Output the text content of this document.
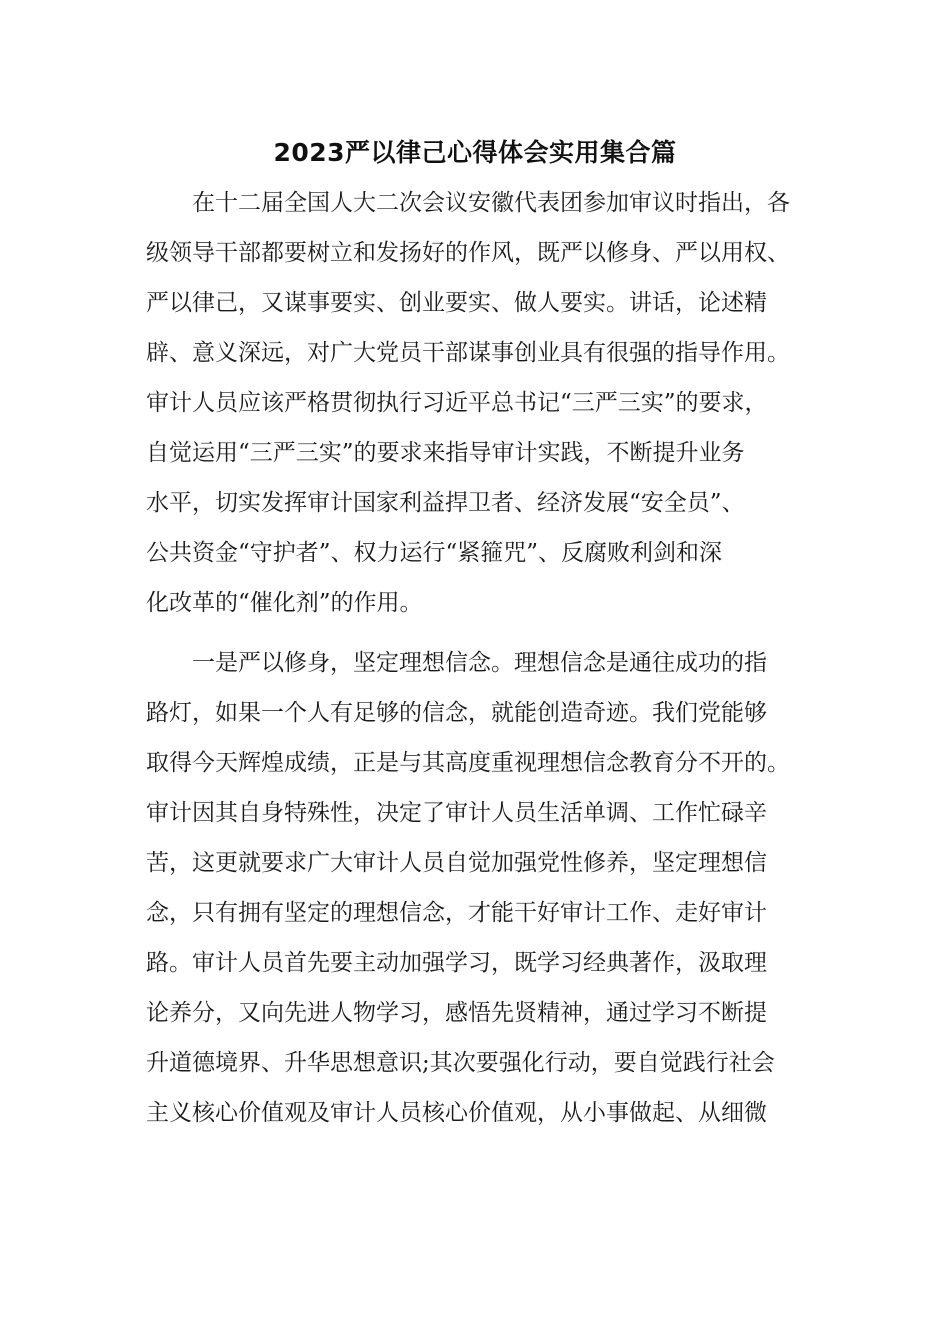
2023严以律己心得体会实用集合篇
　　在十二届全国人大二次会议安徽代表团参加审议时指出，各
级领导干部都要树立和发扬好的作风，既严以修身、严以用权、
严以律己，又谋事要实、创业要实、做人要实。讲话，论述精
辟、意义深远，对广大党员干部谋事创业具有很强的指导作用。
审计人员应该严格贯彻执行习近平总书记“三严三实”的要求，
自觉运用“三严三实”的要求来指导审计实践，不断提升业务
水平，切实发挥审计国家利益捍卫者、经济发展“安全员”、
公共资金“守护者”、权力运行“紧箍咒”、反腐败利剑和深
化改革的“催化剂”的作用。
　　一是严以修身，坚定理想信念。理想信念是通往成功的指
路灯，如果一个人有足够的信念，就能创造奇迹。我们党能够
取得今天辉煌成绩，正是与其高度重视理想信念教育分不开的。
审计因其自身特殊性，决定了审计人员生活单调、工作忙碌辛
苦，这更就要求广大审计人员自觉加强党性修养，坚定理想信
念，只有拥有坚定的理想信念，才能干好审计工作、走好审计
路。审计人员首先要主动加强学习，既学习经典著作，汲取理
论养分，又向先进人物学习，感悟先贤精神，通过学习不断提
升道德境界、升华思想意识;其次要强化行动，要自觉践行社会
主义核心价值观及审计人员核心价值观，从小事做起、从细微
